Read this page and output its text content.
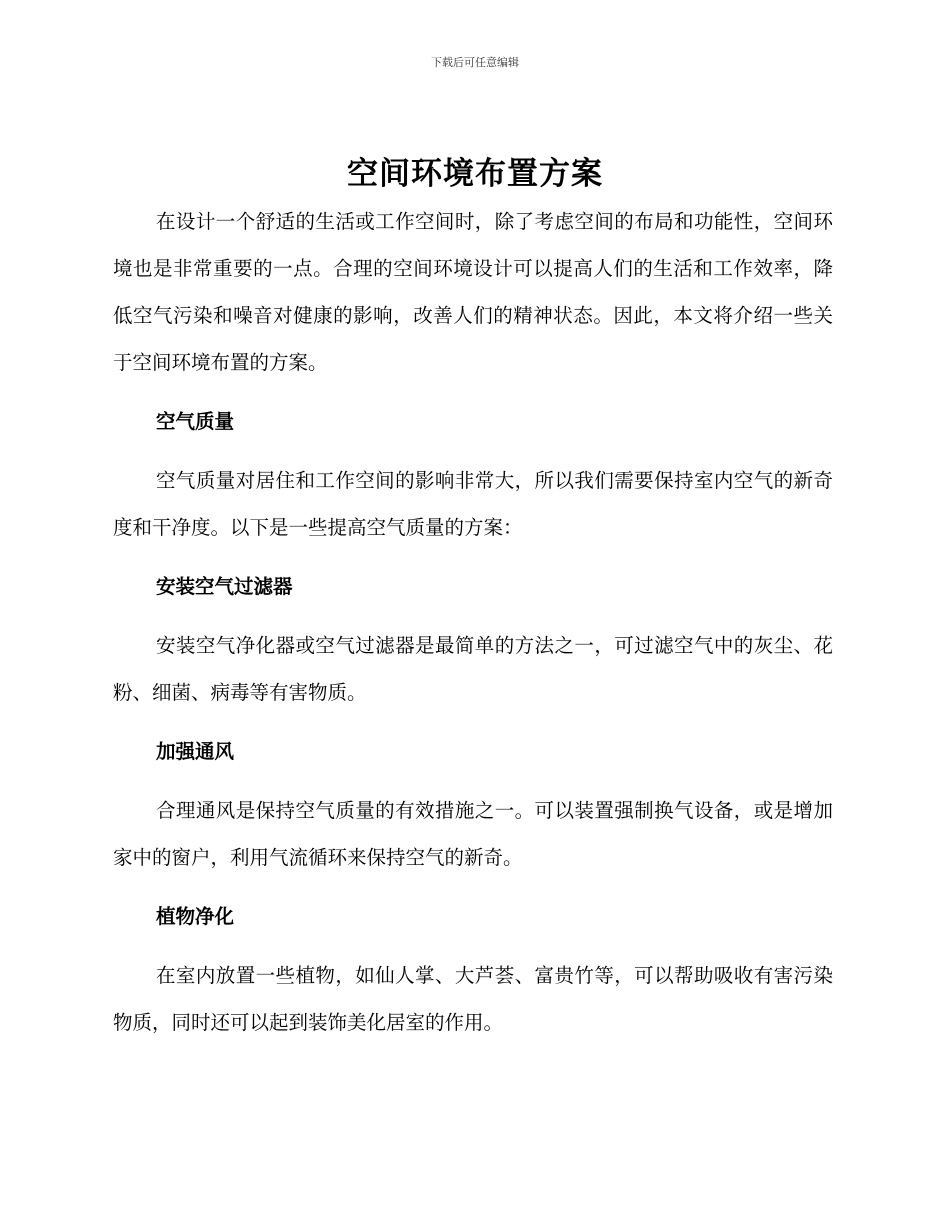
下载后可任意编辑
空间环境布置方案

在设计一个舒适的生活或工作空间时，除了考虑空间的布局和功能性，空间环境也是非常重要的一点。合理的空间环境设计可以提高人们的生活和工作效率，降低空气污染和噪音对健康的影响，改善人们的精神状态。因此，本文将介绍一些关于空间环境布置的方案。

空气质量

空气质量对居住和工作空间的影响非常大，所以我们需要保持室内空气的新奇度和干净度。以下是一些提高空气质量的方案：

安装空气过滤器

安装空气净化器或空气过滤器是最简单的方法之一，可过滤空气中的灰尘、花粉、细菌、病毒等有害物质。

加强通风

合理通风是保持空气质量的有效措施之一。可以装置强制换气设备，或是增加家中的窗户，利用气流循环来保持空气的新奇。

植物净化

在室内放置一些植物，如仙人掌、大芦荟、富贵竹等，可以帮助吸收有害污染物质，同时还可以起到装饰美化居室的作用。
